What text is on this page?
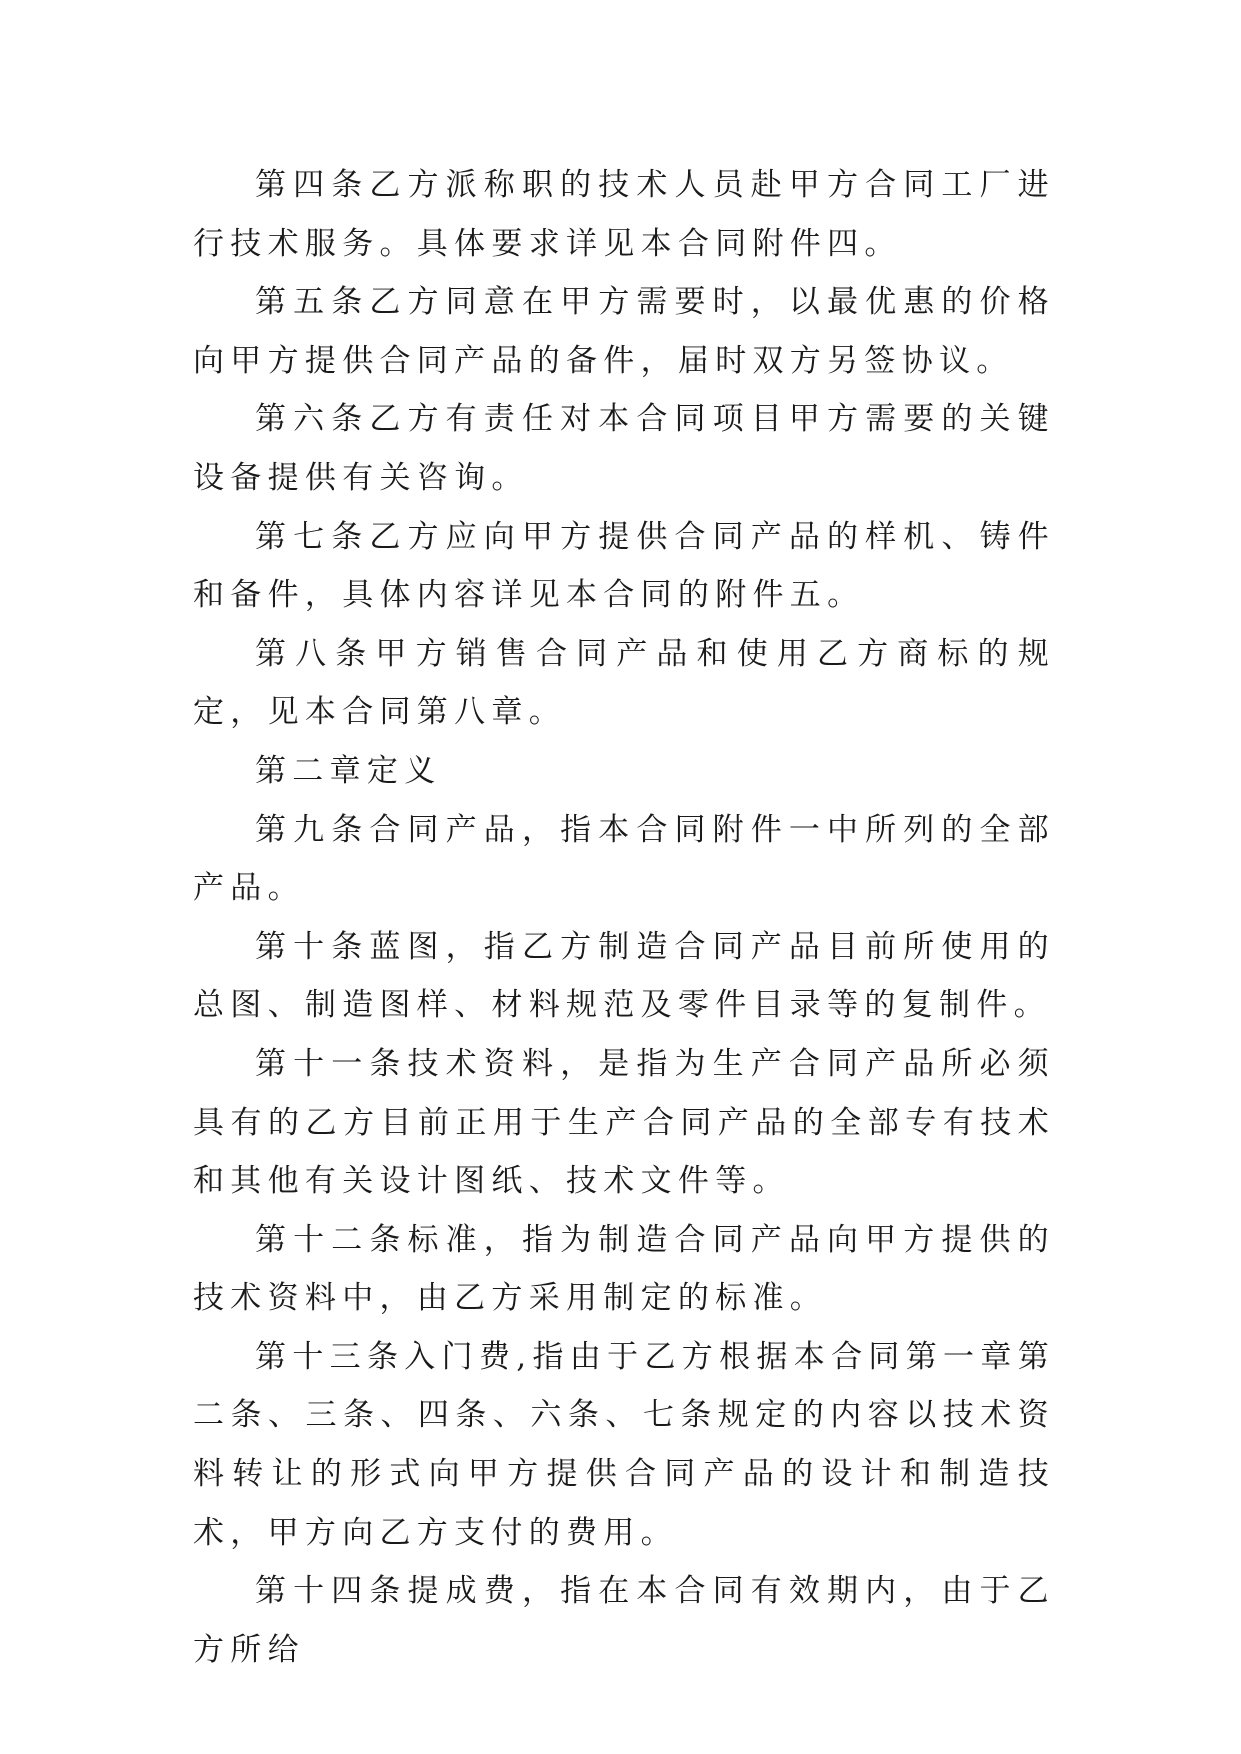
第四条乙方派称职的技术人员赴甲方合同工厂进行技术服务。具体要求详见本合同附件四。

第五条乙方同意在甲方需要时，以最优惠的价格向甲方提供合同产品的备件，届时双方另签协议。

第六条乙方有责任对本合同项目甲方需要的关键设备提供有关咨询。

第七条乙方应向甲方提供合同产品的样机、铸件和备件，具体内容详见本合同的附件五。

第八条甲方销售合同产品和使用乙方商标的规定，见本合同第八章。

第二章定义

第九条合同产品，指本合同附件一中所列的全部产品。

第十条蓝图，指乙方制造合同产品目前所使用的总图、制造图样、材料规范及零件目录等的复制件。

第十一条技术资料，是指为生产合同产品所必须具有的乙方目前正用于生产合同产品的全部专有技术和其他有关设计图纸、技术文件等。

第十二条标准，指为制造合同产品向甲方提供的技术资料中，由乙方采用制定的标准。

第十三条入门费,指由于乙方根据本合同第一章第二条、三条、四条、六条、七条规定的内容以技术资料转让的形式向甲方提供合同产品的设计和制造技术，甲方向乙方支付的费用。

第十四条提成费，指在本合同有效期内，由于乙方所给
